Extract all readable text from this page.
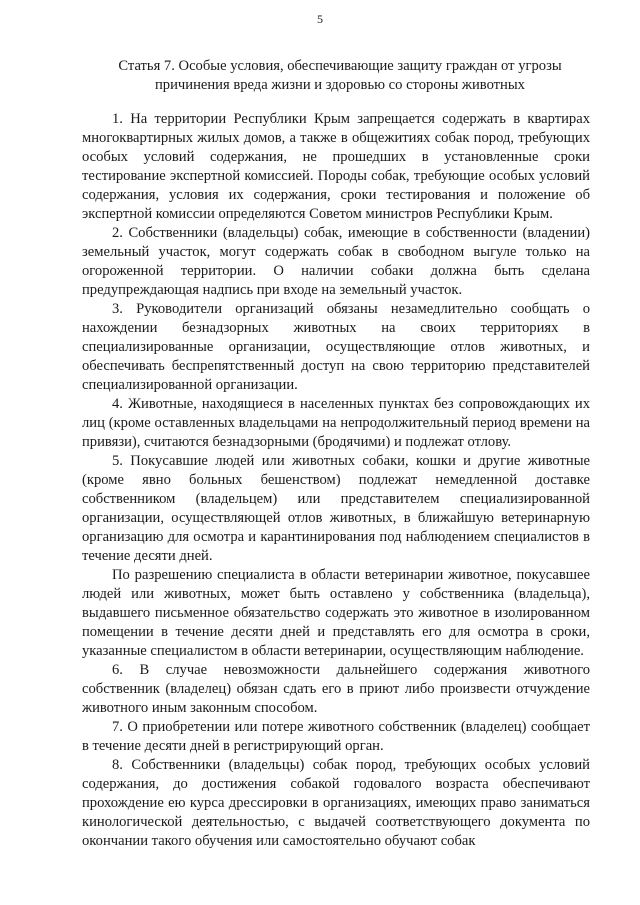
5
Статья 7. Особые условия, обеспечивающие защиту граждан от угрозы
причинения вреда жизни и здоровью со стороны животных

1. На территории Республики Крым запрещается содержать в квартирах многоквартирных жилых домов, а также в общежитиях собак пород, требующих особых условий содержания, не прошедших в установленные сроки тестирование экспертной комиссией. Породы собак, требующие особых условий содержания, условия их содержания, сроки тестирования и положение об экспертной комиссии определяются Советом министров Республики Крым.

2. Собственники (владельцы) собак, имеющие в собственности (владении) земельный участок, могут содержать собак в свободном выгуле только на огороженной территории. О наличии собаки должна быть сделана предупреждающая надпись при входе на земельный участок.

3. Руководители организаций обязаны незамедлительно сообщать о нахождении безнадзорных животных на своих территориях в специализированные организации, осуществляющие отлов животных, и обеспечивать беспрепятственный доступ на свою территорию представителей специализированной организации.

4. Животные, находящиеся в населенных пунктах без сопровождающих их лиц (кроме оставленных владельцами на непродолжительный период времени на привязи), считаются безнадзорными (бродячими) и подлежат отлову.

5. Покусавшие людей или животных собаки, кошки и другие животные (кроме явно больных бешенством) подлежат немедленной доставке собственником (владельцем) или представителем специализированной организации, осуществляющей отлов животных, в ближайшую ветеринарную организацию для осмотра и карантинирования под наблюдением специалистов в течение десяти дней.

По разрешению специалиста в области ветеринарии животное, покусавшее людей или животных, может быть оставлено у собственника (владельца), выдавшего письменное обязательство содержать это животное в изолированном помещении в течение десяти дней и представлять его для осмотра в сроки, указанные специалистом в области ветеринарии, осуществляющим наблюдение.

6. В случае невозможности дальнейшего содержания животного собственник (владелец) обязан сдать его в приют либо произвести отчуждение животного иным законным способом.

7. О приобретении или потере животного собственник (владелец) сообщает в течение десяти дней в регистрирующий орган.

8. Собственники (владельцы) собак пород, требующих особых условий содержания, до достижения собакой годовалого возраста обеспечивают прохождение ею курса дрессировки в организациях, имеющих право заниматься кинологической деятельностью, с выдачей соответствующего документа по окончании такого обучения или самостоятельно обучают собак
